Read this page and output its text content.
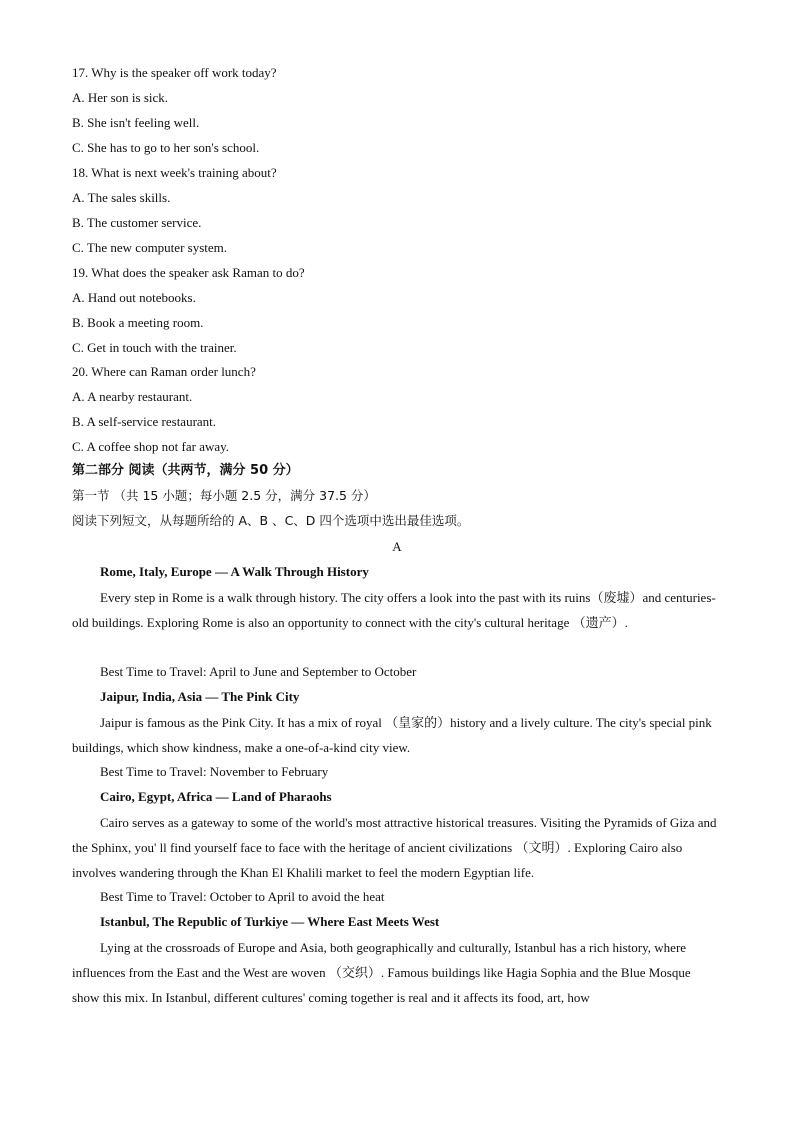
17. Why is the speaker off work today?
A. Her son is sick.
B. She isn't feeling well.
C. She has to go to her son's school.
18. What is next week's training about?
A. The sales skills.
B. The customer service.
C. The new computer system.
19. What does the speaker ask Raman to do?
A. Hand out notebooks.
B. Book a meeting room.
C. Get in touch with the trainer.
20. Where can Raman order lunch?
A. A nearby restaurant.
B. A self-service restaurant.
C. A coffee shop not far away.
第二部分 阅读（共两节，满分 50 分）
第一节 （共 15 小题；每小题 2.5 分，满分 37.5 分）
阅读下列短文，从每题所给的 A、B 、C、D 四个选项中选出最佳选项。
A
Rome, Italy, Europe — A Walk Through History

Every step in Rome is a walk through history. The city offers a look into the past with its ruins（废墟）and centuries-old buildings. Exploring Rome is also an opportunity to connect with the city's cultural heritage （遗产）.

Best Time to Travel: April to June and September to October
Jaipur, India, Asia — The Pink City

Jaipur is famous as the Pink City. It has a mix of royal （皇家的）history and a lively culture. The city's special pink buildings, which show kindness, make a one-of-a-kind city view.

Best Time to Travel: November to February
Cairo, Egypt, Africa — Land of Pharaohs

Cairo serves as a gateway to some of the world's most attractive historical treasures. Visiting the Pyramids of Giza and the Sphinx, you' ll find yourself face to face with the heritage of ancient civilizations （文明）. Exploring Cairo also involves wandering through the Khan El Khalili market to feel the modern Egyptian life.

Best Time to Travel: October to April to avoid the heat
Istanbul, The Republic of Turkiye — Where East Meets West

Lying at the crossroads of Europe and Asia, both geographically and culturally, Istanbul has a rich history, where influences from the East and the West are woven （交织）. Famous buildings like Hagia Sophia and the Blue Mosque show this mix. In Istanbul, different cultures' coming together is real and it affects its food, art, how
